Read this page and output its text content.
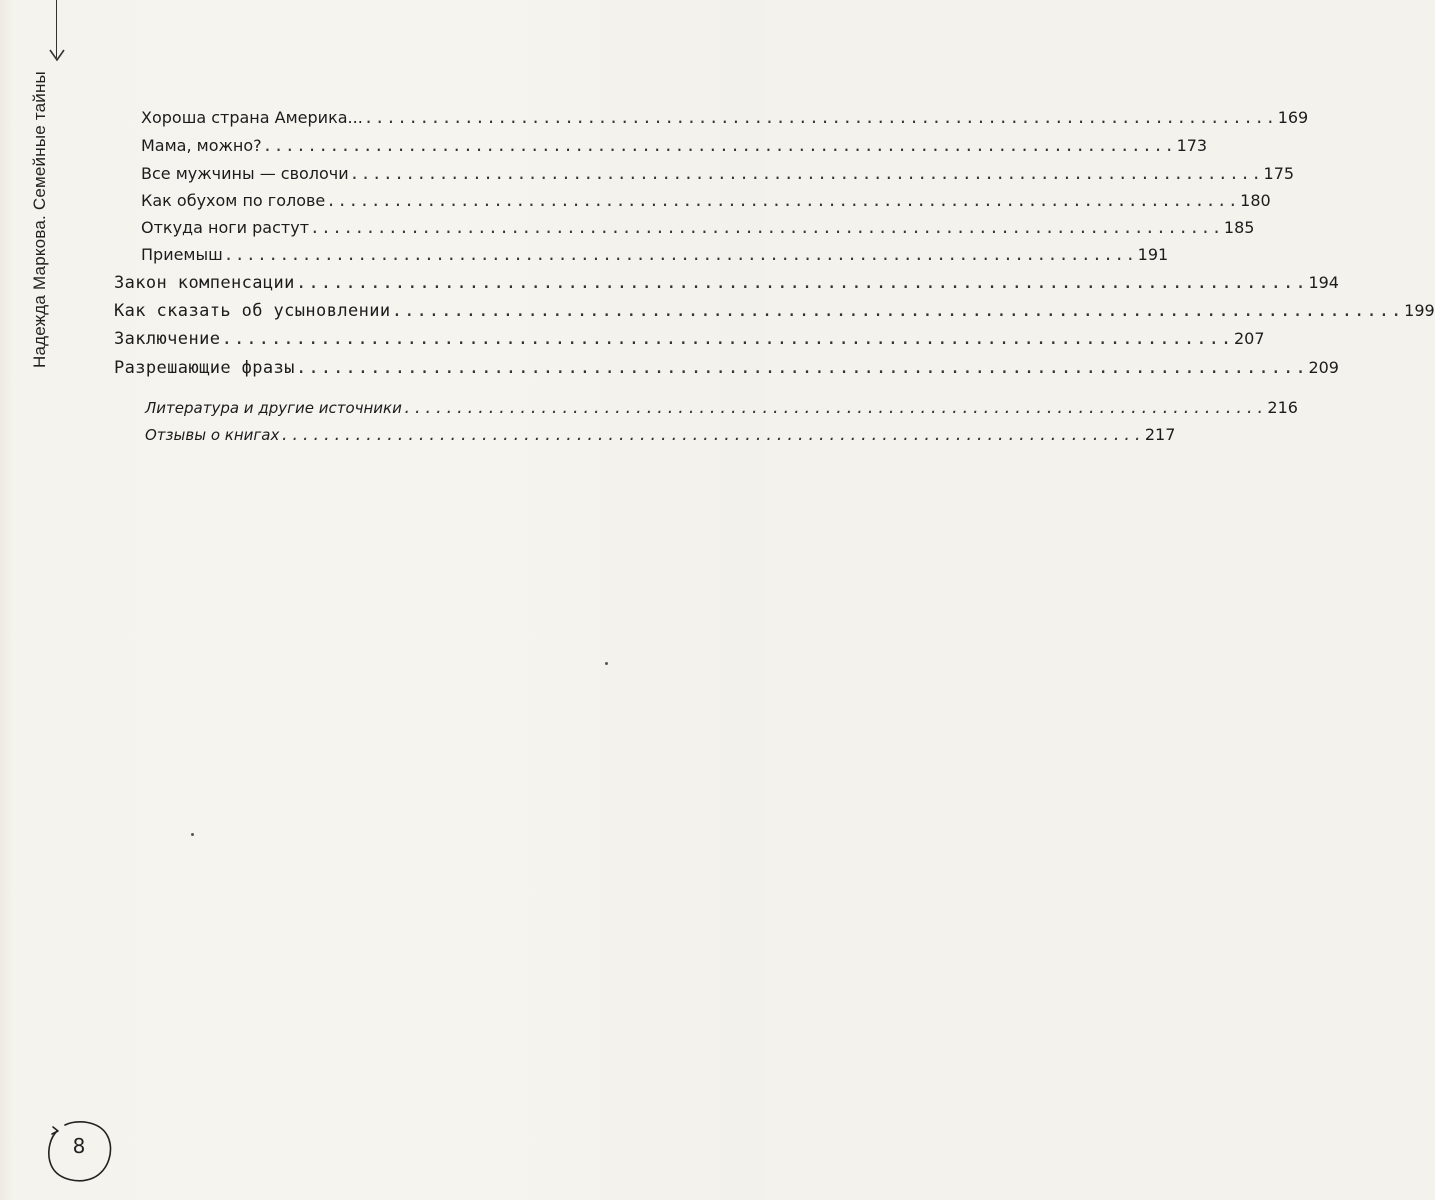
Надежда Маркова. Семейные тайны	Хороша страна Америка... .................................................................................. 169
Мама, можно? .................................................................................. 173
Все мужчины — сволочи .................................................................................. 175
Как обухом по голове .................................................................................. 180
Откуда ноги растут .................................................................................. 185
Приемыш .................................................................................. 191
Закон компенсации .................................................................................. 194
Как сказать об усыновлении .................................................................................. 199
Заключение .................................................................................. 207
Разрешающие фразы .................................................................................. 209
Литература и другие источники .................................................................................. 216
Отзывы о книгах .................................................................................. 217
8
